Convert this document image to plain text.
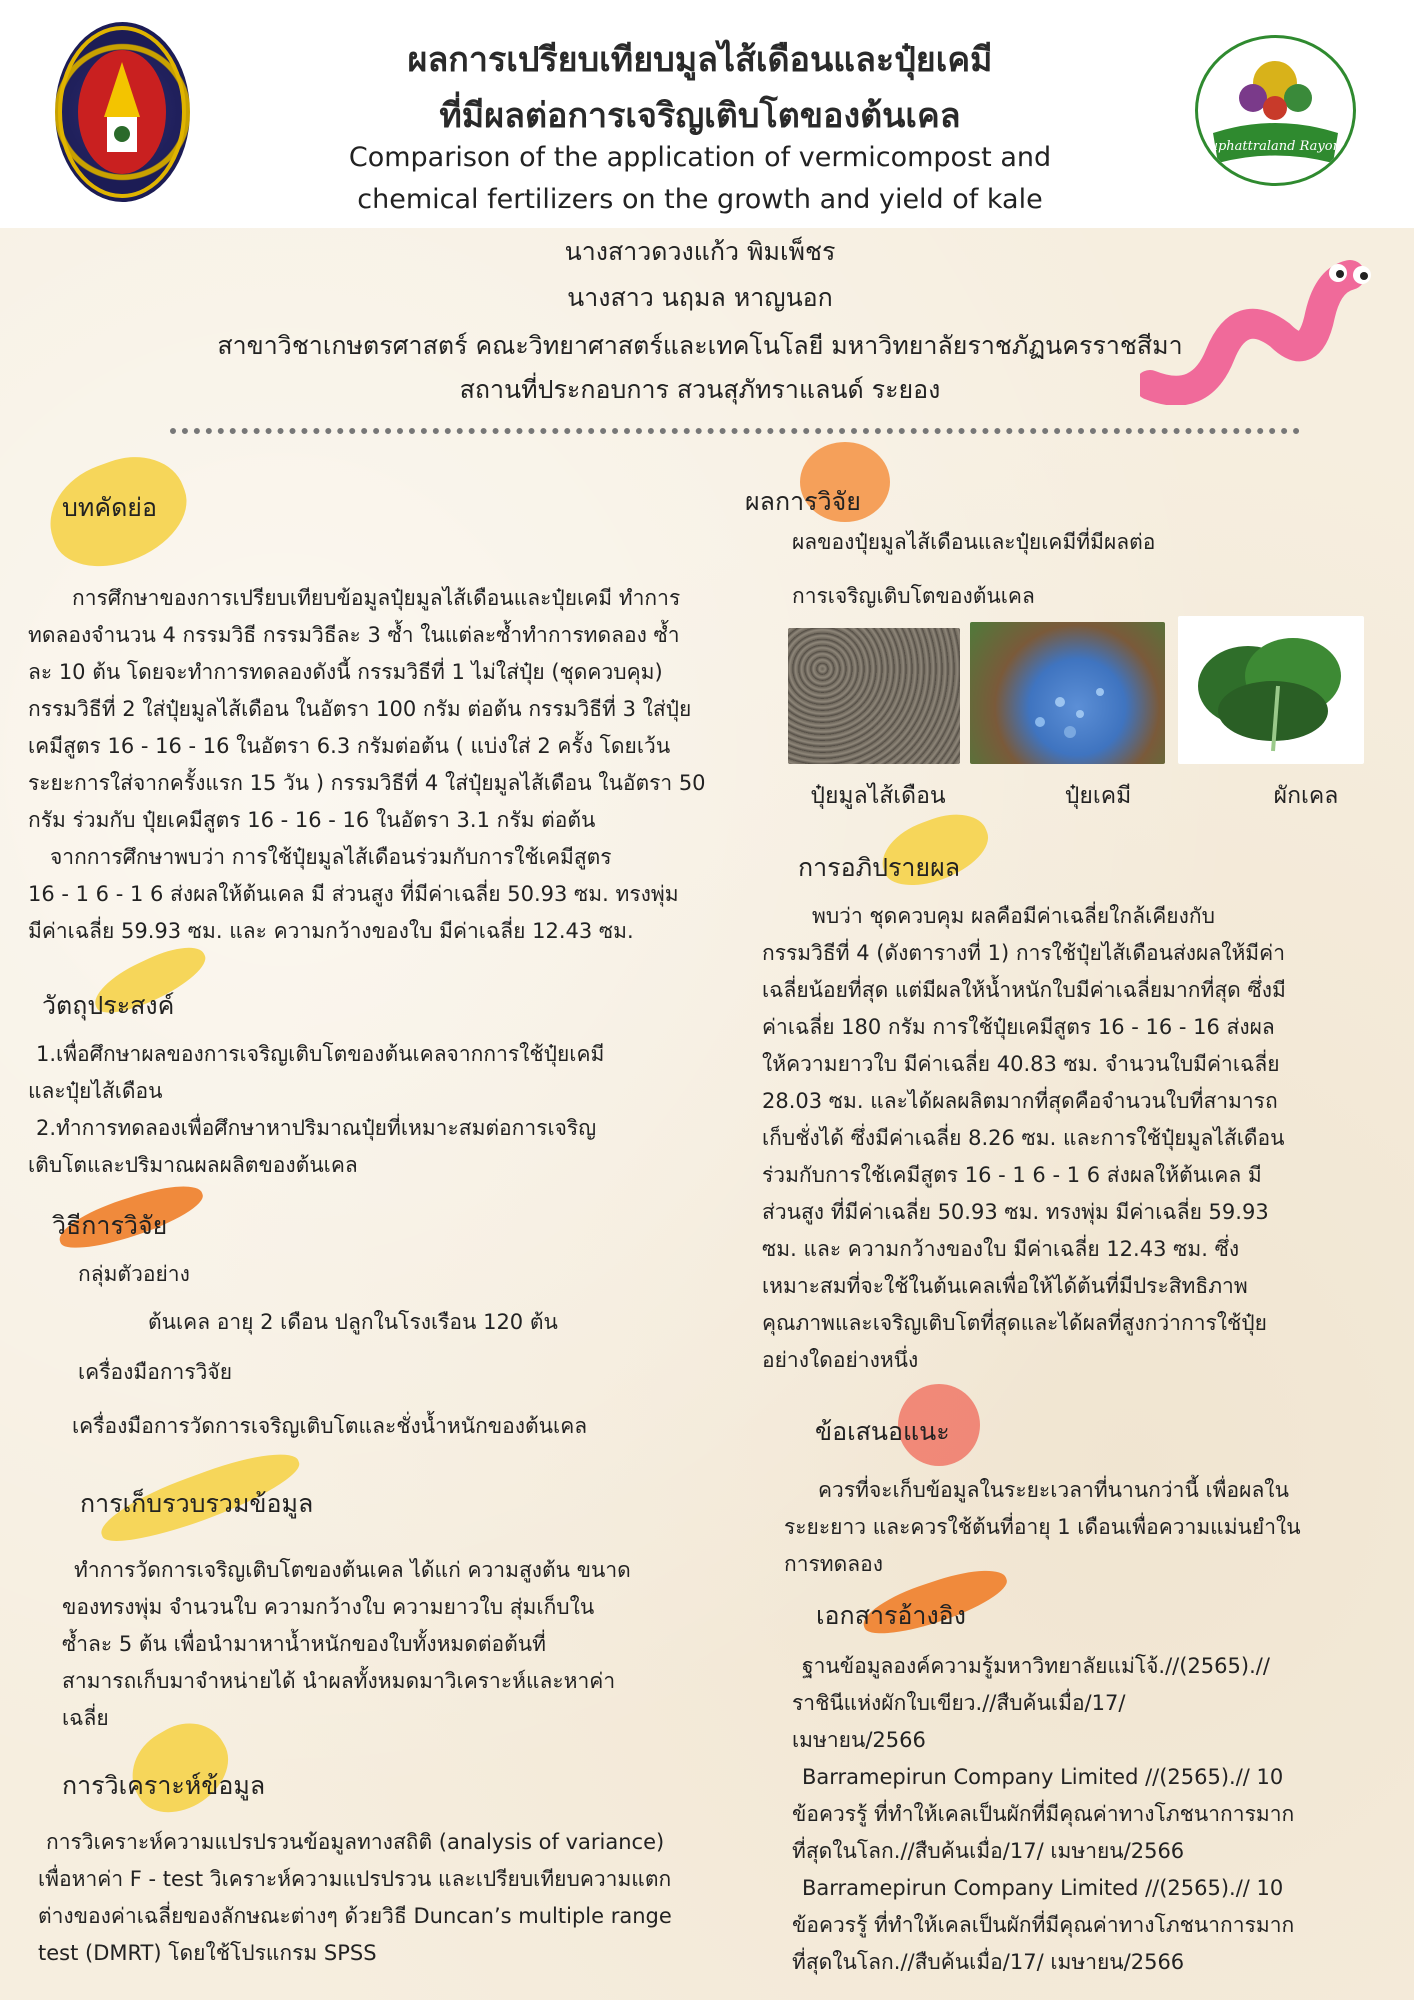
Suphattraland Rayong
ผลการเปรียบเทียบมูลไส้เดือนและปุ๋ยเคมี
ที่มีผลต่อการเจริญเติบโตของต้นเคล
Comparison of the application of vermicompost and
chemical fertilizers on the growth and yield of kale
นางสาวดวงแก้ว พิมเพ็ชร
นางสาว นฤมล หาญนอก
สาขาวิชาเกษตรศาสตร์ คณะวิทยาศาสตร์และเทคโนโลยี มหาวิทยาลัยราชภัฏนครราชสีมา
สถานที่ประกอบการ สวนสุภัทราแลนด์ ระยอง
บทคัดย่อ
การศึกษาของการเปรียบเทียบข้อมูลปุ๋ยมูลไส้เดือนและปุ๋ยเคมี ทำการ
ทดลองจำนวน 4 กรรมวิธี กรรมวิธีละ 3 ซ้ำ ในแต่ละซ้ำทำการทดลอง ซ้ำ
ละ 10 ต้น โดยจะทำการทดลองดังนี้ กรรมวิธีที่ 1 ไม่ใส่ปุ๋ย (ชุดควบคุม)
กรรมวิธีที่ 2 ใส่ปุ๋ยมูลไส้เดือน ในอัตรา 100 กรัม ต่อต้น กรรมวิธีที่ 3 ใส่ปุ๋ย
เคมีสูตร 16 - 16 - 16 ในอัตรา 6.3 กรัมต่อต้น ( แบ่งใส่ 2 ครั้ง โดยเว้น
ระยะการใส่จากครั้งแรก 15 วัน ) กรรมวิธีที่ 4 ใส่ปุ๋ยมูลไส้เดือน ในอัตรา 50
กรัม ร่วมกับ ปุ๋ยเคมีสูตร 16 - 16 - 16 ในอัตรา 3.1 กรัม ต่อต้น
จากการศึกษาพบว่า การใช้ปุ๋ยมูลไส้เดือนร่วมกับการใช้เคมีสูตร
16 - 1 6 - 1 6 ส่งผลให้ต้นเคล มี ส่วนสูง ที่มีค่าเฉลี่ย 50.93 ซม. ทรงพุ่ม
มีค่าเฉลี่ย 59.93 ซม. และ ความกว้างของใบ มีค่าเฉลี่ย 12.43 ซม.
วัตถุประสงค์
1.เพื่อศึกษาผลของการเจริญเติบโตของต้นเคลจากการใช้ปุ๋ยเคมี
และปุ๋ยไส้เดือน
2.ทำการทดลองเพื่อศึกษาหาปริมาณปุ๋ยที่เหมาะสมต่อการเจริญ
เติบโตและปริมาณผลผลิตของต้นเคล
วิธีการวิจัย
กลุ่มตัวอย่าง
ต้นเคล อายุ 2 เดือน ปลูกในโรงเรือน 120 ต้น
เครื่องมือการวิจัย
เครื่องมือการวัดการเจริญเติบโตและชั่งน้ำหนักของต้นเคล
การเก็บรวบรวมข้อมูล
ทำการวัดการเจริญเติบโตของต้นเคล ได้แก่ ความสูงต้น ขนาด
ของทรงพุ่ม จำนวนใบ ความกว้างใบ ความยาวใบ สุ่มเก็บใน
ซ้ำละ 5 ต้น เพื่อนำมาหาน้ำหนักของใบทั้งหมดต่อต้นที่
สามารถเก็บมาจำหน่ายได้ นำผลทั้งหมดมาวิเคราะห์และหาค่า
เฉลี่ย
การวิเคราะห์ข้อมูล
การวิเคราะห์ความแปรปรวนข้อมูลทางสถิติ (analysis of variance)
เพื่อหาค่า F - test วิเคราะห์ความแปรปรวน และเปรียบเทียบความแตก
ต่างของค่าเฉลี่ยของลักษณะต่างๆ ด้วยวิธี Duncan’s multiple range
test (DMRT) โดยใช้โปรแกรม SPSS
ผลการวิจัย
ผลของปุ๋ยมูลไส้เดือนและปุ๋ยเคมีที่มีผลต่อ
การเจริญเติบโตของต้นเคล
ปุ๋ยมูลไส้เดือน	ปุ๋ยเคมี	ผักเคล
การอภิปรายผล
พบว่า ชุดควบคุม ผลคือมีค่าเฉลี่ยใกล้เคียงกับ
กรรมวิธีที่ 4 (ดังตารางที่ 1) การใช้ปุ๋ยไส้เดือนส่งผลให้มีค่า
เฉลี่ยน้อยที่สุด แต่มีผลให้น้ำหนักใบมีค่าเฉลี่ยมากที่สุด ซึ่งมี
ค่าเฉลี่ย 180 กรัม การใช้ปุ๋ยเคมีสูตร 16 - 16 - 16 ส่งผล
ให้ความยาวใบ มีค่าเฉลี่ย 40.83 ซม. จำนวนใบมีค่าเฉลี่ย
28.03 ซม. และได้ผลผลิตมากที่สุดคือจำนวนใบที่สามารถ
เก็บชั่งได้ ซึ่งมีค่าเฉลี่ย 8.26 ซม. และการใช้ปุ๋ยมูลไส้เดือน
ร่วมกับการใช้เคมีสูตร 16 - 1 6 - 1 6 ส่งผลให้ต้นเคล มี
ส่วนสูง ที่มีค่าเฉลี่ย 50.93 ซม. ทรงพุ่ม มีค่าเฉลี่ย 59.93
ซม. และ ความกว้างของใบ มีค่าเฉลี่ย 12.43 ซม. ซึ่ง
เหมาะสมที่จะใช้ในต้นเคลเพื่อให้ได้ต้นที่มีประสิทธิภาพ
คุณภาพและเจริญเติบโตที่สุดและได้ผลที่สูงกว่าการใช้ปุ๋ย
อย่างใดอย่างหนึ่ง
ข้อเสนอแนะ
ควรที่จะเก็บข้อมูลในระยะเวลาที่นานกว่านี้ เพื่อผลใน
ระยะยาว และควรใช้ต้นที่อายุ 1 เดือนเพื่อความแม่นยำใน
การทดลอง
เอกสารอ้างอิง
ฐานข้อมูลองค์ความรู้มหาวิทยาลัยแม่โจ้.//(2565).//
ราชินีแห่งผักใบเขียว.//สืบค้นเมื่อ/17/
เมษายน/2566
Barramepirun Company Limited //(2565).// 10
ข้อควรรู้ ที่ทำให้เคลเป็นผักที่มีคุณค่าทางโภชนาการมาก
ที่สุดในโลก.//สืบค้นเมื่อ/17/ เมษายน/2566
Barramepirun Company Limited //(2565).// 10
ข้อควรรู้ ที่ทำให้เคลเป็นผักที่มีคุณค่าทางโภชนาการมาก
ที่สุดในโลก.//สืบค้นเมื่อ/17/ เมษายน/2566
